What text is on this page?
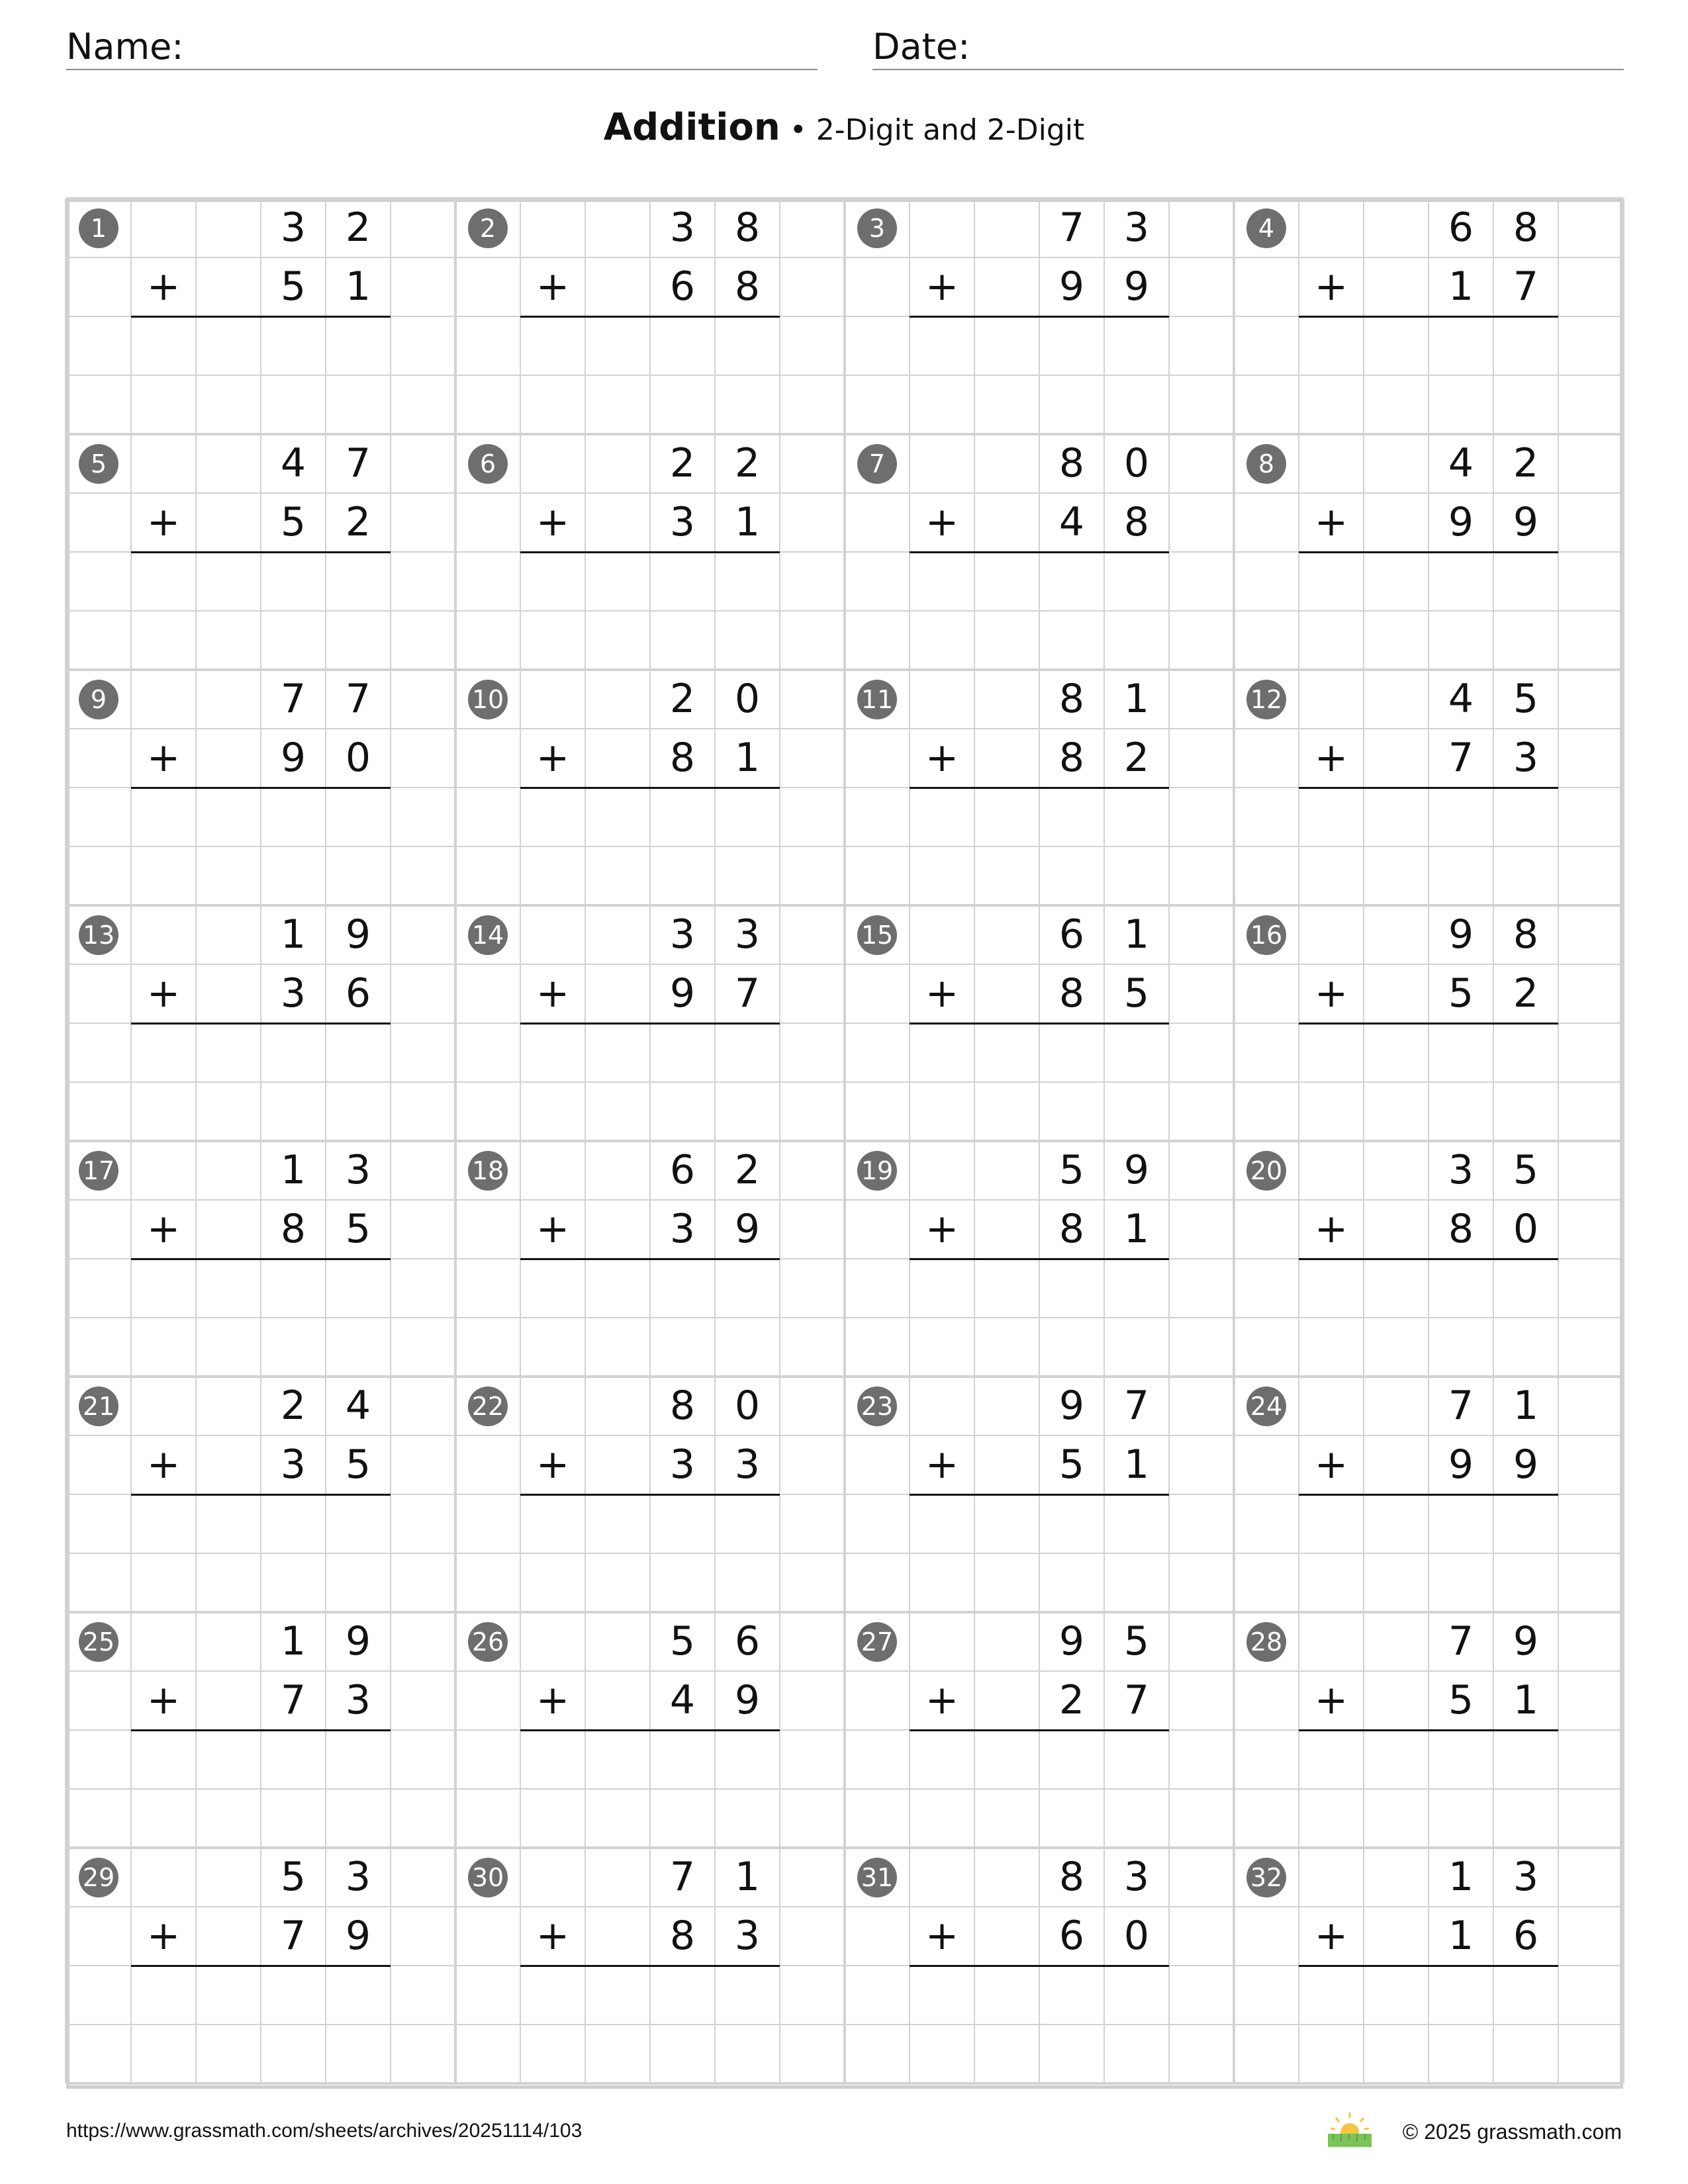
Name:	Date:
Addition • 2-Digit and 2-Digit
1	3 2
+	5 1
2	3 8
+	6 8
3	7 3
+	9 9
4	6 8
+	1 7
5	4 7
+	5 2
6	2 2
+	3 1
7	8 0
+	4 8
8	4 2
+	9 9
9	7 7
+	9 0
10	2 0
+	8 1
11	8 1
+	8 2
12	4 5
+	7 3
13	1 9
+	3 6
14	3 3
+	9 7
15	6 1
+	8 5
16	9 8
+	5 2
17	1 3
+	8 5
18	6 2
+	3 9
19	5 9
+	8 1
20	3 5
+	8 0
21	2 4
+	3 5
22	8 0
+	3 3
23	9 7
+	5 1
24	7 1
+	9 9
25	1 9
+	7 3
26	5 6
+	4 9
27	9 5
+	2 7
28	7 9
+	5 1
29	5 3
+	7 9
30	7 1
+	8 3
31	8 3
+	6 0
32	1 3
+	1 6
https://www.grassmath.com/sheets/archives/20251114/103	© 2025 grassmath.com
